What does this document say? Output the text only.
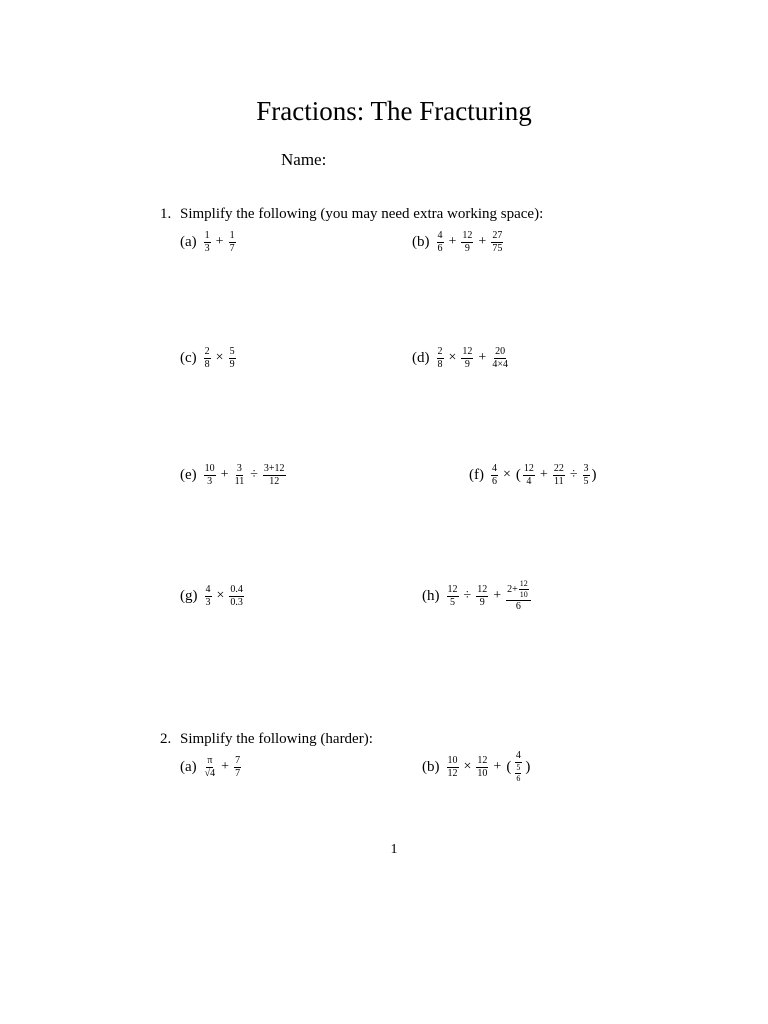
Fractions: The Fracturing
Name:
1. Simplify the following (you may need extra working space):
$(a) \frac{1}{3} + \frac{1}{7}$	$(b) \frac{4}{6} + \frac{12}{9} + \frac{27}{75}$
$(c) \frac{2}{8} \times \frac{5}{9}$	$(d) \frac{2}{8} \times \frac{12}{9} + \frac{20}{4\times 4}$
$(e) \frac{10}{3} + \frac{3}{11} \div \frac{3+12}{12}$	$(f) \frac{4}{6}$ × ( $\frac{12}{4} + \frac{22}{11} \div \frac{3}{5}$ )
$(g) \frac{4}{3} \times \frac{0.4}{0.3}$	$(h) \frac{12}{5} \div \frac{12}{9} + \frac{2+ \frac{12}{10}}{6}$
2. Simplify the following (harder):
$(a) \frac{\pi}{√4} + \frac{7}{7}$	$(b) \frac{10}{12} \times \frac{12}{10}$ + ( $\frac{4}{\frac{5}{6}}$ )
1
